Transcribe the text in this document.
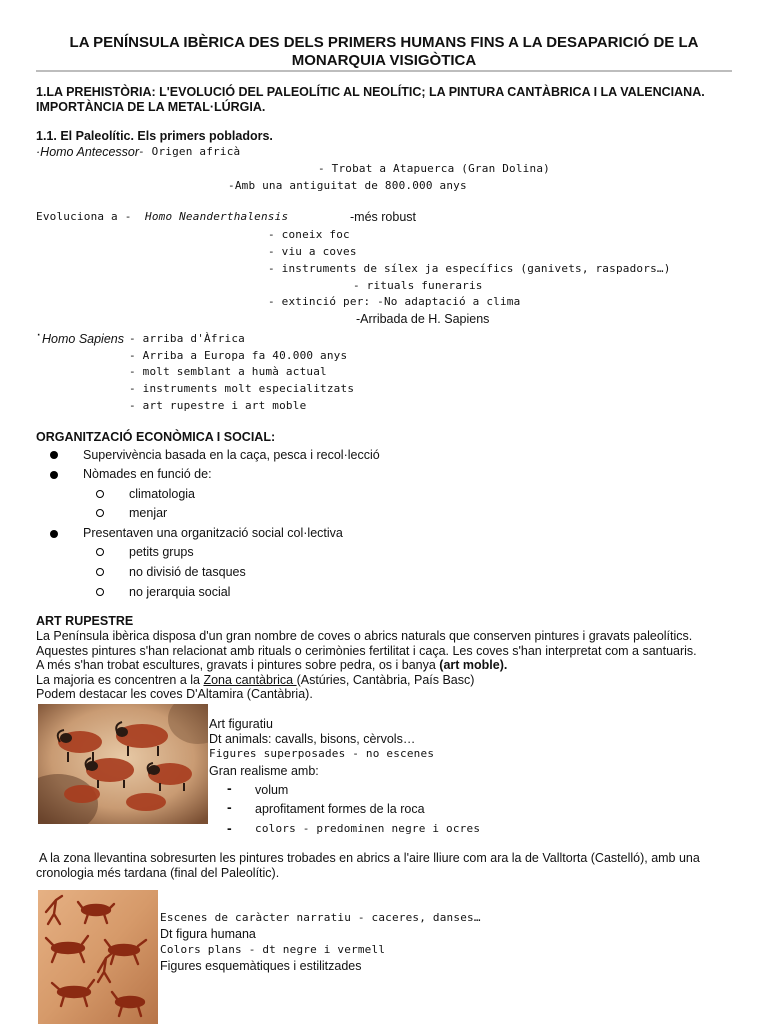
LA PENÍNSULA IBÈRICA DES DELS PRIMERS HUMANS FINS A LA DESAPARICIÓ DE LA MONARQUIA VISIGÒTICA
1.LA PREHISTÒRIA: L'EVOLUCIÓ DEL PALEOLÍTIC AL NEOLÍTIC; LA PINTURA CANTÀBRICA I LA VALENCIANA.
IMPORTÀNCIA DE LA METAL·LÚRGIA.
1.1. El Paleolític. Els primers pobladors.
·Homo Antecessor
- Origen africà
- Trobat a Atapuerca (Gran Dolina)
-Amb una antiguitat de 800.000 anys
Evoluciona a - Homo Neanderthalensis	-més robust
- coneix foc
- viu a coves
- instruments de sílex ja específics (ganivets, raspadors…)
- rituals funeraris
- extinció per: -No adaptació a clima
-Arribada de H. Sapiens
· Homo Sapiens - arriba d'Àfrica
- Arriba a Europa fa 40.000 anys
- molt semblant a humà actual
- instruments molt especialitzats
- art rupestre i art moble
ORGANITZACIÓ ECONÒMICA I SOCIAL:
Supervivència basada en la caça, pesca i recol·lecció
Nòmades en funció de:
climatologia
menjar
Presentaven una organització social col·lectiva
petits grups
no divisió de tasques
no jerarquia social
ART RUPESTRE
La Península ibèrica disposa d'un gran nombre de coves o abrics naturals que conserven pintures i gravats paleolítics.
Aquestes pintures s'han relacionat amb rituals o cerimònies fertilitat i caça. Les coves s'han interpretat com a santuaris.
A més s'han trobat escultures, gravats i pintures sobre pedra, os i banya (art moble).
La majoria es concentren a la Zona cantàbrica (Astúries, Cantàbria, País Basc)
Podem destacar les coves D'Altamira (Cantàbria).
Art figuratiu
Dt animals: cavalls, bisons, cèrvols…
Figures superposades - no escenes
Gran realisme amb:
- volum
- aprofitament formes de la roca
- colors - predominen negre i ocres
A la zona llevantina sobresurten les pintures trobades en abrics a l'aire lliure com ara la de Valltorta (Castelló), amb una
cronologia més tardana (final del Paleolític).
Escenes de caràcter narratiu - caceres, danses…
Dt figura humana
Colors plans - dt negre i vermell
Figures esquemàtiques i estilitzades
